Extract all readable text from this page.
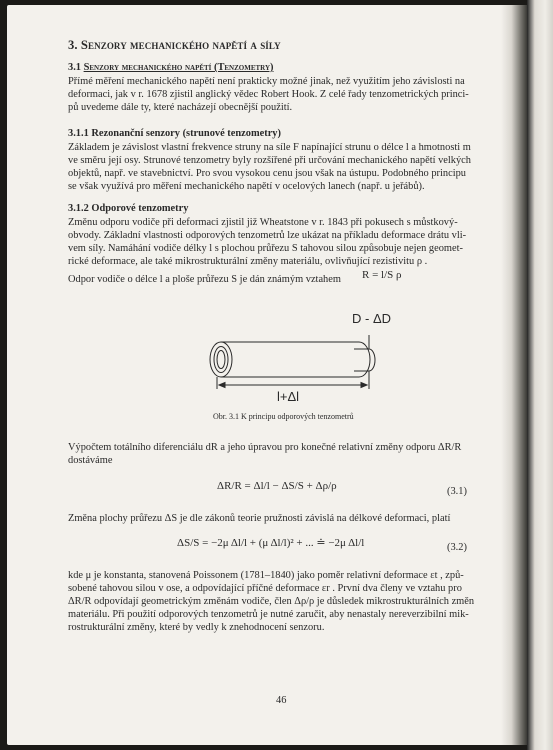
3. Senzory mechanického napětí a síly
3.1 Senzory mechanického napětí (Tenzometry)
Přímé měření mechanického napětí není prakticky možné jinak, než využitím jeho závislosti na
deformaci, jak v r. 1678 zjistil anglický vědec Robert Hook. Z celé řady tenzometrických princi-
pů uvedeme dále ty, které nacházejí obecnější použití.
3.1.1 Rezonanční senzory (strunové tenzometry)
Základem je závislost vlastní frekvence struny na síle F napínající strunu o délce l a hmotnosti m
ve směru její osy. Strunové tenzometry byly rozšířené při určování mechanického napětí velkých
objektů, např. ve stavebnictví. Pro svou vysokou cenu jsou však na ústupu. Podobného principu
se však využívá pro měření mechanického napětí v ocelových lanech (např. u jeřábů).
3.1.2 Odporové tenzometry
Změnu odporu vodiče při deformaci zjistil již Wheatstone v r. 1843 při pokusech s můstkový-
obvody. Základní vlastnosti odporových tenzometrů lze ukázat na příkladu deformace drátu vli-
vem síly. Namáhání vodiče délky l s plochou průřezu S tahovou silou způsobuje nejen geomet-
rické deformace, ale také mikrostrukturální změny materiálu, ovlivňující rezistivitu ρ .
Odpor vodiče o délce l a ploše průřezu S je dán známým vztahem R = l/S ρ
D - ΔD
l+Δl
Obr. 3.1 K principu odporových tenzometrů
Výpočtem totálního diferenciálu dR a jeho úpravou pro konečné relativní změny odporu ΔR/R
dostáváme
ΔR/R = Δl/l − ΔS/S + Δρ/ρ	(3.1)
Změna plochy průřezu ΔS je dle zákonů teorie pružnosti závislá na délkové deformaci, platí
ΔS/S = −2μ Δl/l + (μ Δl/l)² + ... ≐ −2μ Δl/l	(3.2)
kde μ je konstanta, stanovená Poissonem (1781–1840) jako poměr relativní deformace εt , způ-
sobené tahovou silou v ose, a odpovídající příčné deformace εr . První dva členy ve vztahu pro
ΔR/R odpovídají geometrickým změnám vodiče, člen Δρ/ρ je důsledek mikrostrukturálních změn
materiálu. Při použití odporových tenzometrů je nutné zaručit, aby nenastaly nereverzibilní mik-
rostrukturální změny, které by vedly k znehodnocení senzoru.
46
